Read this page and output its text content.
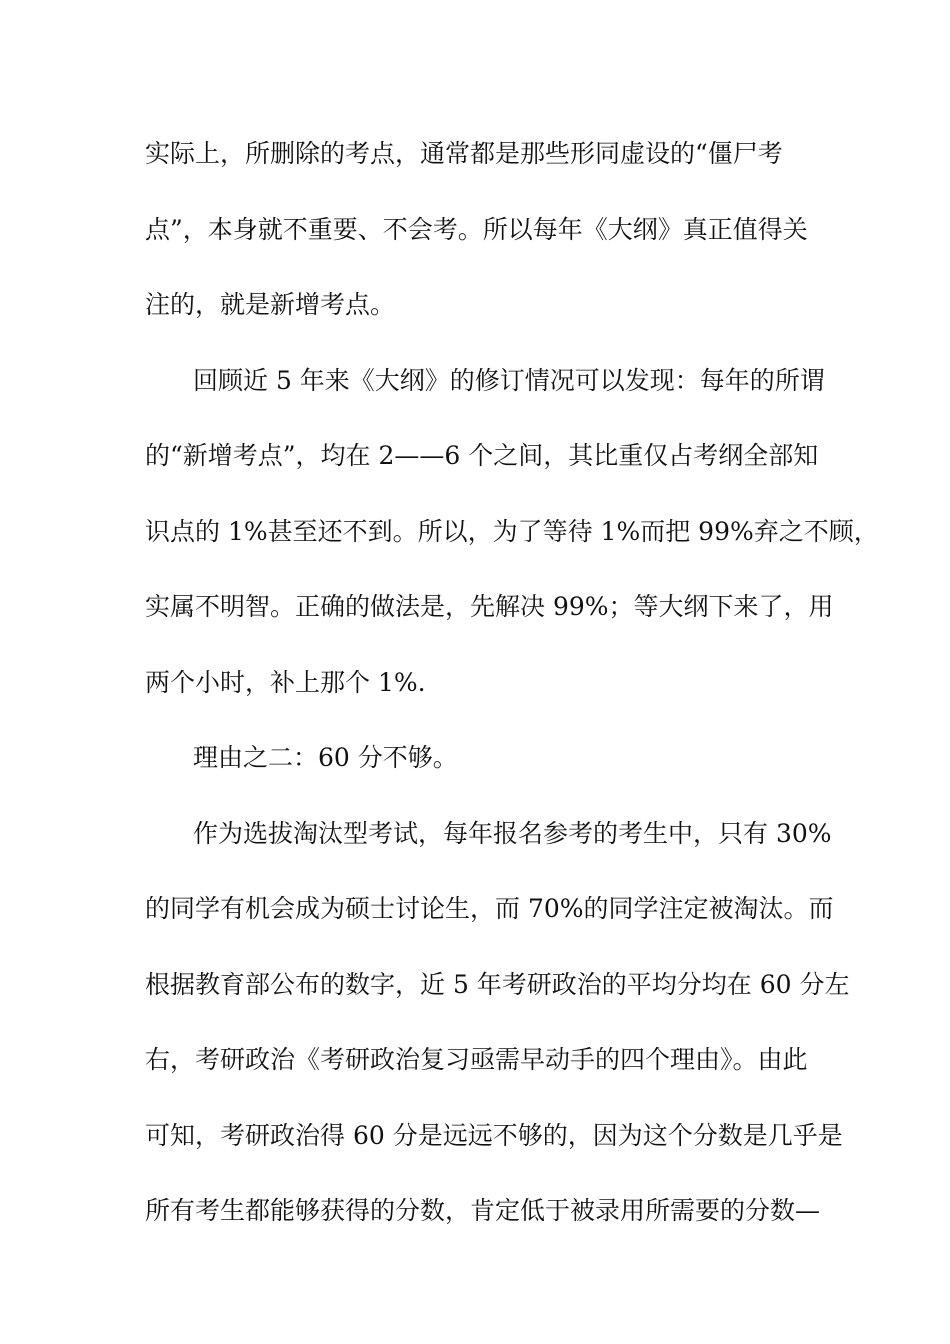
实际上，所删除的考点，通常都是那些形同虚设的“僵尸考
点”，本身就不重要、不会考。所以每年《大纲》真正值得关
注的，就是新增考点。
回顾近 5 年来《大纲》的修订情况可以发现：每年的所谓
的“新增考点”，均在 2——6 个之间，其比重仅占考纲全部知
识点的 1%甚至还不到。所以，为了等待 1%而把 99%弃之不顾，
实属不明智。正确的做法是，先解决 99%；等大纲下来了，用
两个小时，补上那个 1%.
理由之二：60 分不够。
作为选拔淘汰型考试，每年报名参考的考生中，只有 30%
的同学有机会成为硕士讨论生，而 70%的同学注定被淘汰。而
根据教育部公布的数字，近 5 年考研政治的平均分均在 60 分左
右，考研政治《考研政治复习亟需早动手的四个理由》。由此
可知，考研政治得 60 分是远远不够的，因为这个分数是几乎是
所有考生都能够获得的分数，肯定低于被录用所需要的分数—
